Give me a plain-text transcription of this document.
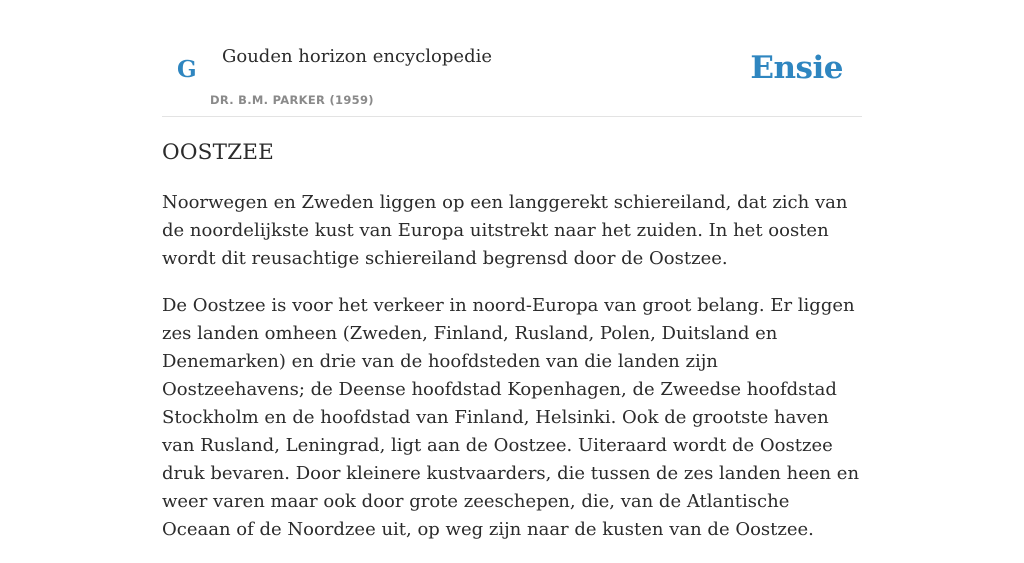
G Gouden horizon encyclopedie
DR. B.M. PARKER (1959)
Ensie
OOSTZEE

Noorwegen en Zweden liggen op een langgerekt schiereiland, dat zich van de noordelijkste kust van Europa uitstrekt naar het zuiden. In het oosten wordt dit reusachtige schiereiland begrensd door de Oostzee.

De Oostzee is voor het verkeer in noord-Europa van groot belang. Er liggen zes landen omheen (Zweden, Finland, Rusland, Polen, Duitsland en Denemarken) en drie van de hoofdsteden van die landen zijn Oostzeehavens; de Deense hoofdstad Kopenhagen, de Zweedse hoofdstad Stockholm en de hoofdstad van Finland, Helsinki. Ook de grootste haven van Rusland, Leningrad, ligt aan de Oostzee. Uiteraard wordt de Oostzee druk bevaren. Door kleinere kustvaarders, die tussen de zes landen heen en weer varen maar ook door grote zeeschepen, die, van de Atlantische Oceaan of de Noordzee uit, op weg zijn naar de kusten van de Oostzee.
